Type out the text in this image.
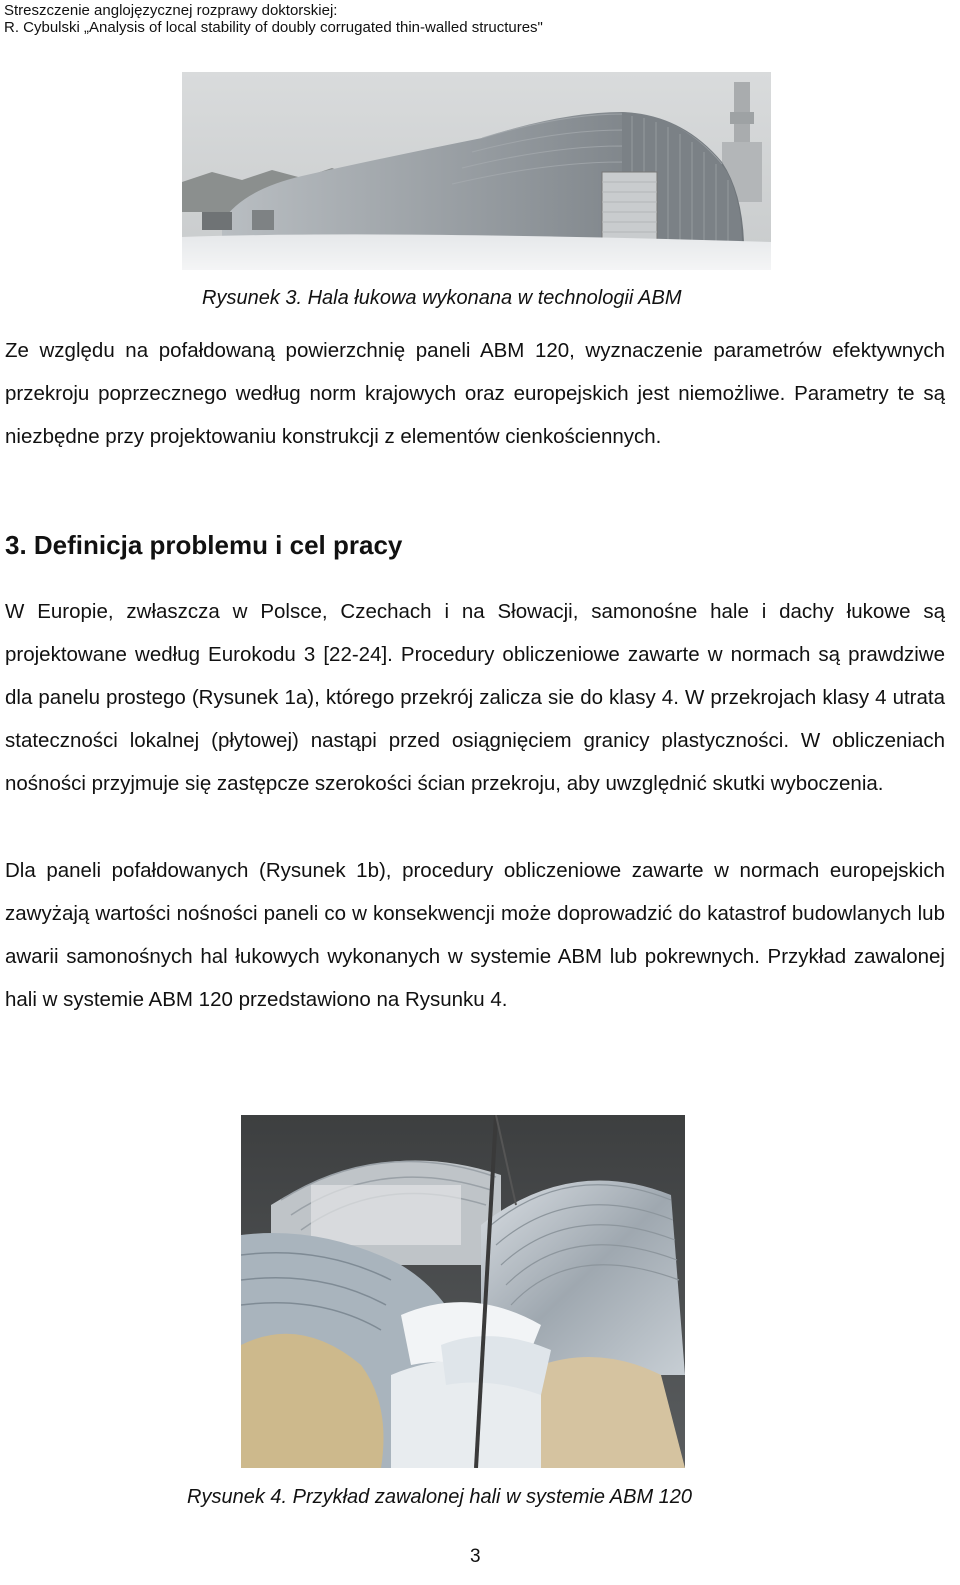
Streszczenie anglojęzycznej rozprawy doktorskiej:
R. Cybulski „Analysis of local stability of doubly corrugated thin-walled structures"
Rysunek 3. Hala łukowa wykonana w technologii ABM

Ze względu na pofałdowaną powierzchnię paneli ABM 120, wyznaczenie parametrów efektywnych przekroju poprzecznego według norm krajowych oraz europejskich jest niemożliwe. Parametry te są niezbędne przy projektowaniu konstrukcji z elementów cienkościennych.

3. Definicja problemu i cel pracy

W Europie, zwłaszcza w Polsce, Czechach i na Słowacji, samonośne hale i dachy łukowe są projektowane według Eurokodu 3 [22-24]. Procedury obliczeniowe zawarte w normach są prawdziwe dla panelu prostego (Rysunek 1a), którego przekrój zalicza sie do klasy 4. W przekrojach klasy 4 utrata stateczności lokalnej (płytowej) nastąpi przed osiągnięciem granicy plastyczności. W obliczeniach nośności przyjmuje się zastępcze szerokości ścian przekroju, aby uwzględnić skutki wyboczenia.

Dla paneli pofałdowanych (Rysunek 1b), procedury obliczeniowe zawarte w normach europejskich zawyżają wartości nośności paneli co w konsekwencji może doprowadzić do katastrof budowlanych lub awarii samonośnych hal łukowych wykonanych w systemie ABM lub pokrewnych. Przykład zawalonej hali w systemie ABM 120 przedstawiono na Rysunku 4.

Rysunek 4. Przykład zawalonej hali w systemie ABM 120
3
